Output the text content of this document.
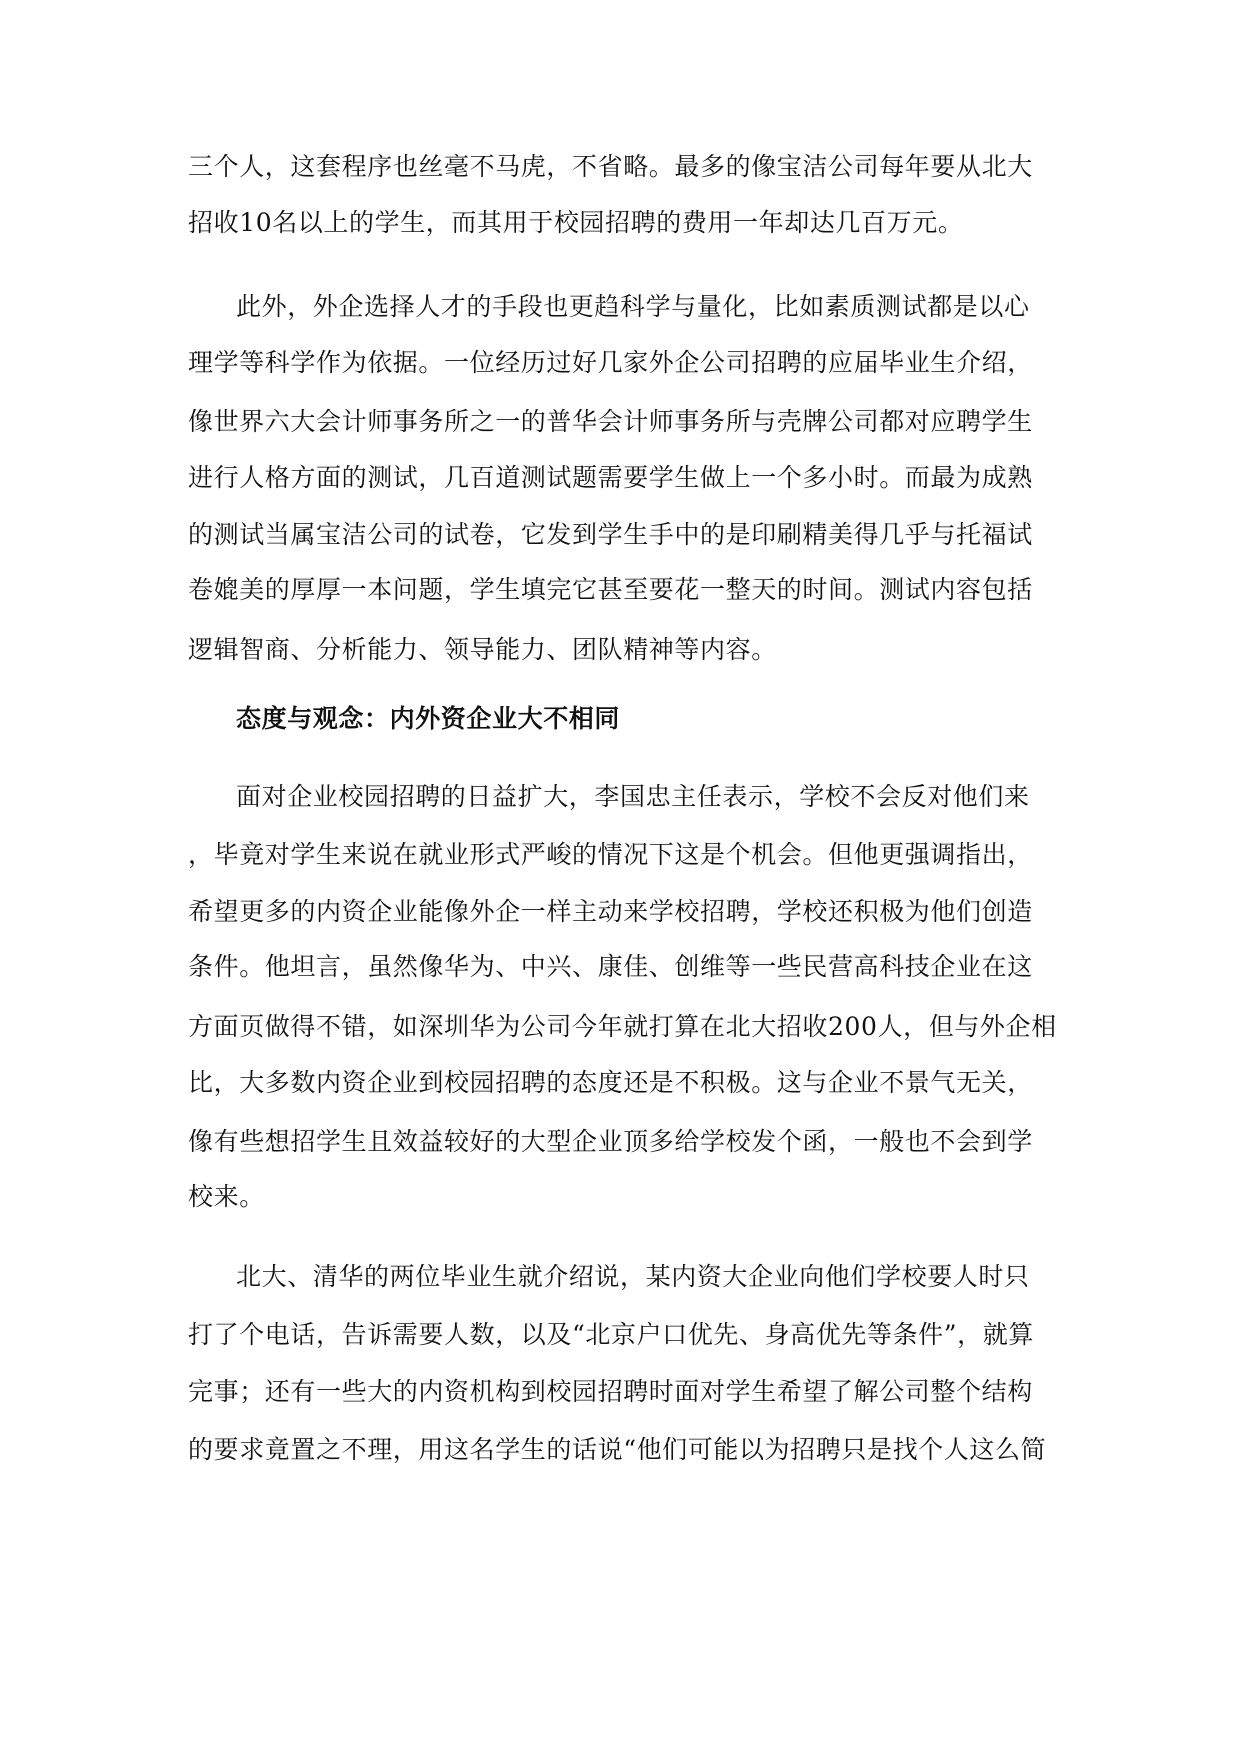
三个人，这套程序也丝毫不马虎，不省略。最多的像宝洁公司每年要从北大
招收10名以上的学生，而其用于校园招聘的费用一年却达几百万元。
此外，外企选择人才的手段也更趋科学与量化，比如素质测试都是以心
理学等科学作为依据。一位经历过好几家外企公司招聘的应届毕业生介绍，
像世界六大会计师事务所之一的普华会计师事务所与壳牌公司都对应聘学生
进行人格方面的测试，几百道测试题需要学生做上一个多小时。而最为成熟
的测试当属宝洁公司的试卷，它发到学生手中的是印刷精美得几乎与托福试
卷媲美的厚厚一本问题，学生填完它甚至要花一整天的时间。测试内容包括
逻辑智商、分析能力、领导能力、团队精神等内容。
态度与观念：内外资企业大不相同
面对企业校园招聘的日益扩大，李国忠主任表示，学校不会反对他们来
，毕竟对学生来说在就业形式严峻的情况下这是个机会。但他更强调指出，
希望更多的内资企业能像外企一样主动来学校招聘，学校还积极为他们创造
条件。他坦言，虽然像华为、中兴、康佳、创维等一些民营高科技企业在这
方面页做得不错，如深圳华为公司今年就打算在北大招收200人，但与外企相
比，大多数内资企业到校园招聘的态度还是不积极。这与企业不景气无关，
像有些想招学生且效益较好的大型企业顶多给学校发个函，一般也不会到学
校来。
北大、清华的两位毕业生就介绍说，某内资大企业向他们学校要人时只
打了个电话，告诉需要人数，以及“北京户口优先、身高优先等条件”，就算
完事；还有一些大的内资机构到校园招聘时面对学生希望了解公司整个结构
的要求竟置之不理，用这名学生的话说“他们可能以为招聘只是找个人这么简
